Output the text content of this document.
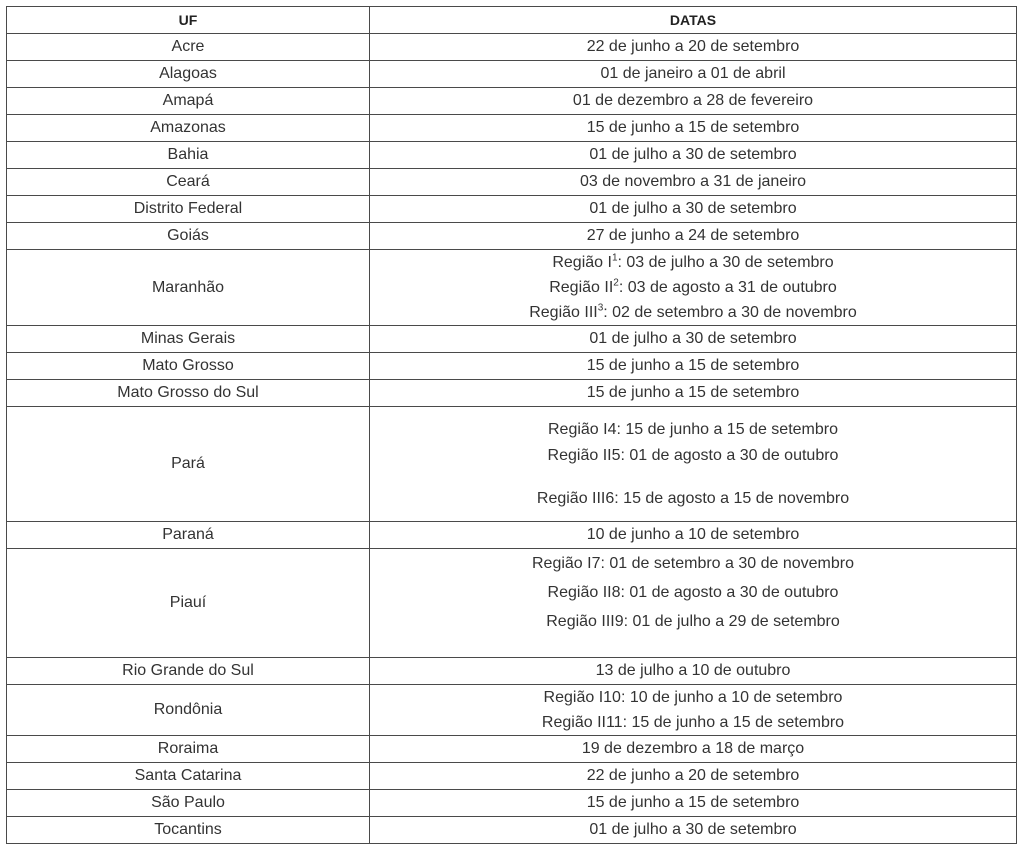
UF	DATAS
Acre	22 de junho a 20 de setembro
Alagoas	01 de janeiro a 01 de abril
Amapá	01 de dezembro a 28 de fevereiro
Amazonas	15 de junho a 15 de setembro
Bahia	01 de julho a 30 de setembro
Ceará	03 de novembro a 31 de janeiro
Distrito Federal	01 de julho a 30 de setembro
Goiás	27 de junho a 24 de setembro
Maranhão	Região $I^1$: 03 de julho a 30 de setembro
Região $II^2$: 03 de agosto a 31 de outubro
Região III$^3$: 02 de setembro a 30 de novembro

Minas Gerais	01 de julho a 30 de setembro
Mato Grosso	15 de junho a 15 de setembro
Mato Grosso do Sul	15 de junho a 15 de setembro
Pará	Região I4: 15 de junho a 15 de setembro
Região II5: 01 de agosto a 30 de outubro
Região III6: 15 de agosto a 15 de novembro

Paraná	10 de junho a 10 de setembro
Piauí	Região I7: 01 de setembro a 30 de novembro
Região II8: 01 de agosto a 30 de outubro
Região III9: 01 de julho a 29 de setembro

Rio Grande do Sul	13 de julho a 10 de outubro
Rondônia	Região I10: 10 de junho a 10 de setembro
Região II11: 15 de junho a 15 de setembro

Roraima	19 de dezembro a 18 de março
Santa Catarina	22 de junho a 20 de setembro
São Paulo	15 de junho a 15 de setembro
Tocantins	01 de julho a 30 de setembro
